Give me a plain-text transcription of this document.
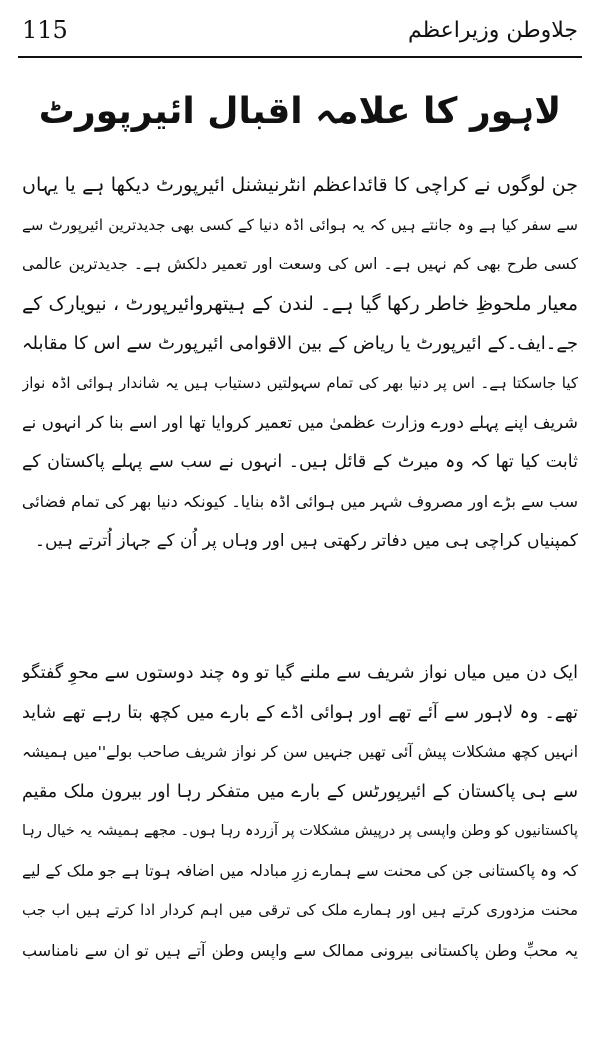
جلاوطن وزیراعظم
115
لاہور کا علامہ اقبال ائیرپورٹ
جن لوگوں نے کراچی کا قائداعظم انٹرنیشنل ائیرپورٹ دیکھا ہے یا یہاں
سے سفر کیا ہے وہ جانتے ہیں کہ یہ ہوائی اڈہ دنیا کے کسی بھی جدیدترین ائیرپورٹ سے
کسی طرح بھی کم نہیں ہے۔ اس کی وسعت اور تعمیر دلکش ہے۔ جدیدترین عالمی
معیار ملحوظِ خاطر رکھا گیا ہے۔ لندن کے ہیتھروائیرپورٹ ، نیویارک کے
جے۔ایف۔کے ائیرپورٹ یا ریاض کے بین الاقوامی ائیرپورٹ سے اس کا مقابلہ
کیا جاسکتا ہے۔ اس پر دنیا بھر کی تمام سہولتیں دستیاب ہیں یہ شاندار ہوائی اڈہ نواز
شریف اپنے پہلے دورے وزارت عظمیٰ میں تعمیر کروایا تھا اور اسے بنا کر انہوں نے
ثابت کیا تھا کہ وہ میرٹ کے قائل ہیں۔ انہوں نے سب سے پہلے پاکستان کے
سب سے بڑے اور مصروف شہر میں ہوائی اڈہ بنایا۔ کیونکہ دنیا بھر کی تمام فضائی
کمپنیاں کراچی ہی میں دفاتر رکھتی ہیں اور وہاں پر اُن کے جہاز اُترتے ہیں۔
ایک دن میں میاں نواز شریف سے ملنے گیا تو وہ چند دوستوں سے محوِ گفتگو
تھے۔ وہ لاہور سے آئے تھے اور ہوائی اڈے کے بارے میں کچھ بتا رہے تھے شاید
انہیں کچھ مشکلات پیش آئی تھیں جنہیں سن کر نواز شریف صاحب بولے''میں ہمیشہ
سے ہی پاکستان کے ائیرپورٹس کے بارے میں متفکر رہا اور بیرون ملک مقیم
پاکستانیوں کو وطن واپسی پر درپیش مشکلات پر آزردہ رہا ہوں۔ مجھے ہمیشہ یہ خیال رہا
کہ وہ پاکستانی جن کی محنت سے ہمارے زرِ مبادلہ میں اضافہ ہوتا ہے جو ملک کے لیے
محنت مزدوری کرتے ہیں اور ہمارے ملک کی ترقی میں اہم کردار ادا کرتے ہیں اب جب
یہ محبِّ وطن پاکستانی بیرونی ممالک سے واپس وطن آتے ہیں تو ان سے نامناسب
